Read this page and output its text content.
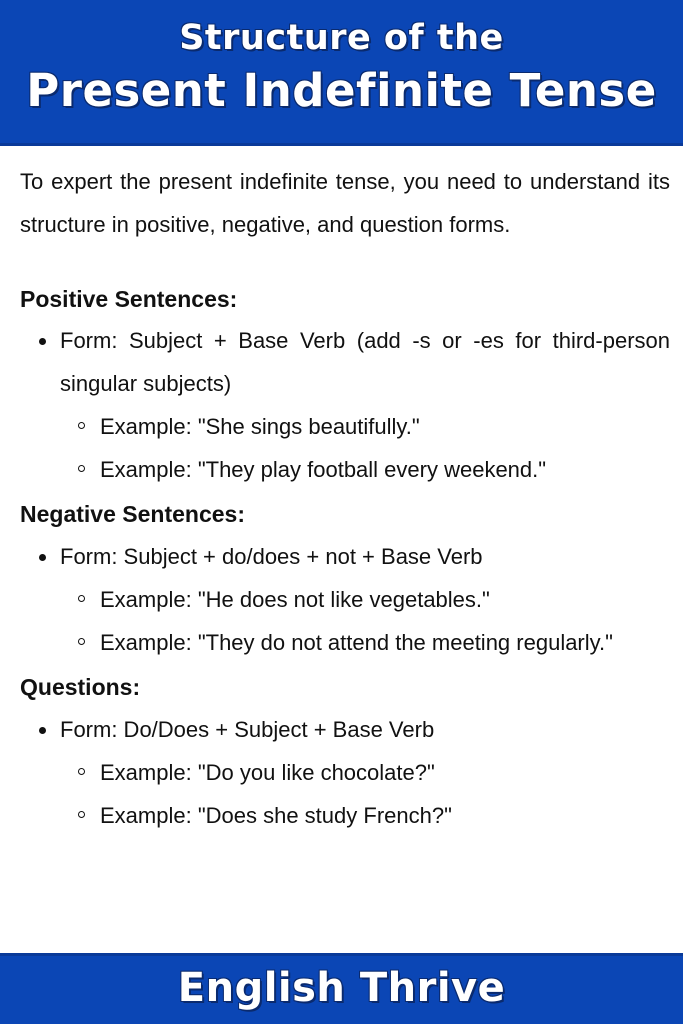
Structure of the
Present Indefinite Tense

To expert the present indefinite tense, you need to understand its structure in positive, negative, and question forms.

Positive Sentences:
Form: Subject + Base Verb (add -s or -es for third-person singular subjects)
Example: "She sings beautifully."
Example: "They play football every weekend."
Negative Sentences:
Form: Subject + do/does + not + Base Verb
Example: "He does not like vegetables."
Example: "They do not attend the meeting regularly."
Questions:
Form: Do/Does + Subject + Base Verb
Example: "Do you like chocolate?"
Example: "Does she study French?"
English Thrive
